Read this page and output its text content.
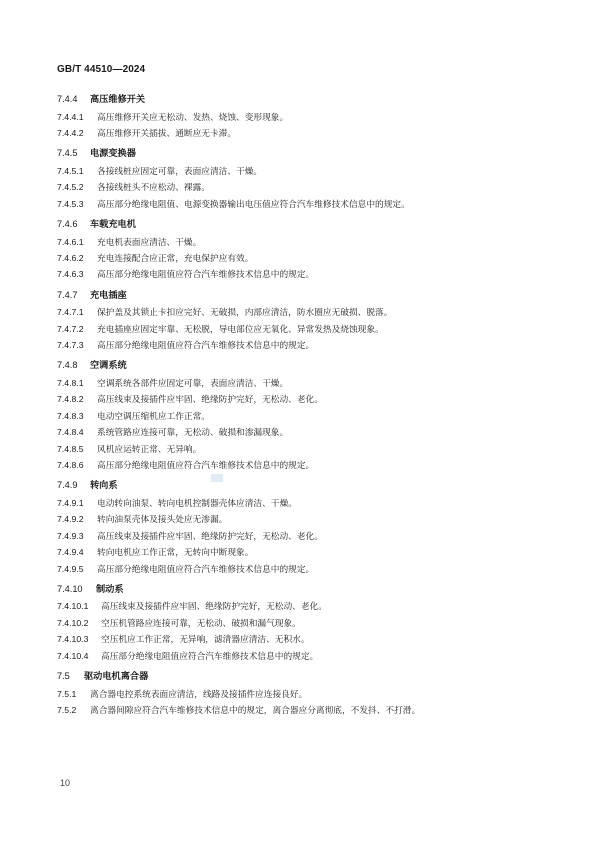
GB/T 44510—2024
7.4.4	高压维修开关
7.4.4.1	高压维修开关应无松动、发热、烧蚀、变形现象。
7.4.4.2	高压维修开关插拔、通断应无卡滞。
7.4.5	电源变换器
7.4.5.1	各接线桩应固定可靠，表面应清洁、干燥。
7.4.5.2	各接线桩头不应松动、裸露。
7.4.5.3	高压部分绝缘电阻值、电源变换器输出电压值应符合汽车维修技术信息中的规定。
7.4.6	车载充电机
7.4.6.1	充电机表面应清洁、干燥。
7.4.6.2	充电连接配合应正常，充电保护应有效。
7.4.6.3	高压部分绝缘电阻值应符合汽车维修技术信息中的规定。
7.4.7	充电插座
7.4.7.1	保护盖及其锁止卡扣应完好、无破损，内部应清洁，防水圈应无破损、脱落。
7.4.7.2	充电插座应固定牢靠、无松脱，导电部位应无氧化、异常发热及烧蚀现象。
7.4.7.3	高压部分绝缘电阻值应符合汽车维修技术信息中的规定。
7.4.8	空调系统
7.4.8.1	空调系统各部件应固定可靠，表面应清洁、干燥。
7.4.8.2	高压线束及接插件应牢固、绝缘防护完好，无松动、老化。
7.4.8.3	电动空调压缩机应工作正常。
7.4.8.4	系统管路应连接可靠，无松动、破损和渗漏现象。
7.4.8.5	风机应运转正常、无异响。
7.4.8.6	高压部分绝缘电阻值应符合汽车维修技术信息中的规定。
7.4.9	转向系
7.4.9.1	电动转向油泵、转向电机控制器壳体应清洁、干燥。
7.4.9.2	转向油泵壳体及接头处应无渗漏。
7.4.9.3	高压线束及接插件应牢固、绝缘防护完好，无松动、老化。
7.4.9.4	转向电机应工作正常，无转向中断现象。
7.4.9.5	高压部分绝缘电阻值应符合汽车维修技术信息中的规定。
7.4.10	制动系
7.4.10.1	高压线束及接插件应牢固、绝缘防护完好，无松动、老化。
7.4.10.2	空压机管路应连接可靠，无松动、破损和漏气现象。
7.4.10.3	空压机应工作正常，无异响，滤清器应清洁、无积水。
7.4.10.4	高压部分绝缘电阻值应符合汽车维修技术信息中的规定。
7.5	驱动电机离合器
7.5.1	离合器电控系统表面应清洁，线路及接插件应连接良好。
7.5.2	离合器间隙应符合汽车维修技术信息中的规定，离合器应分离彻底，不发抖、不打滑。
10
